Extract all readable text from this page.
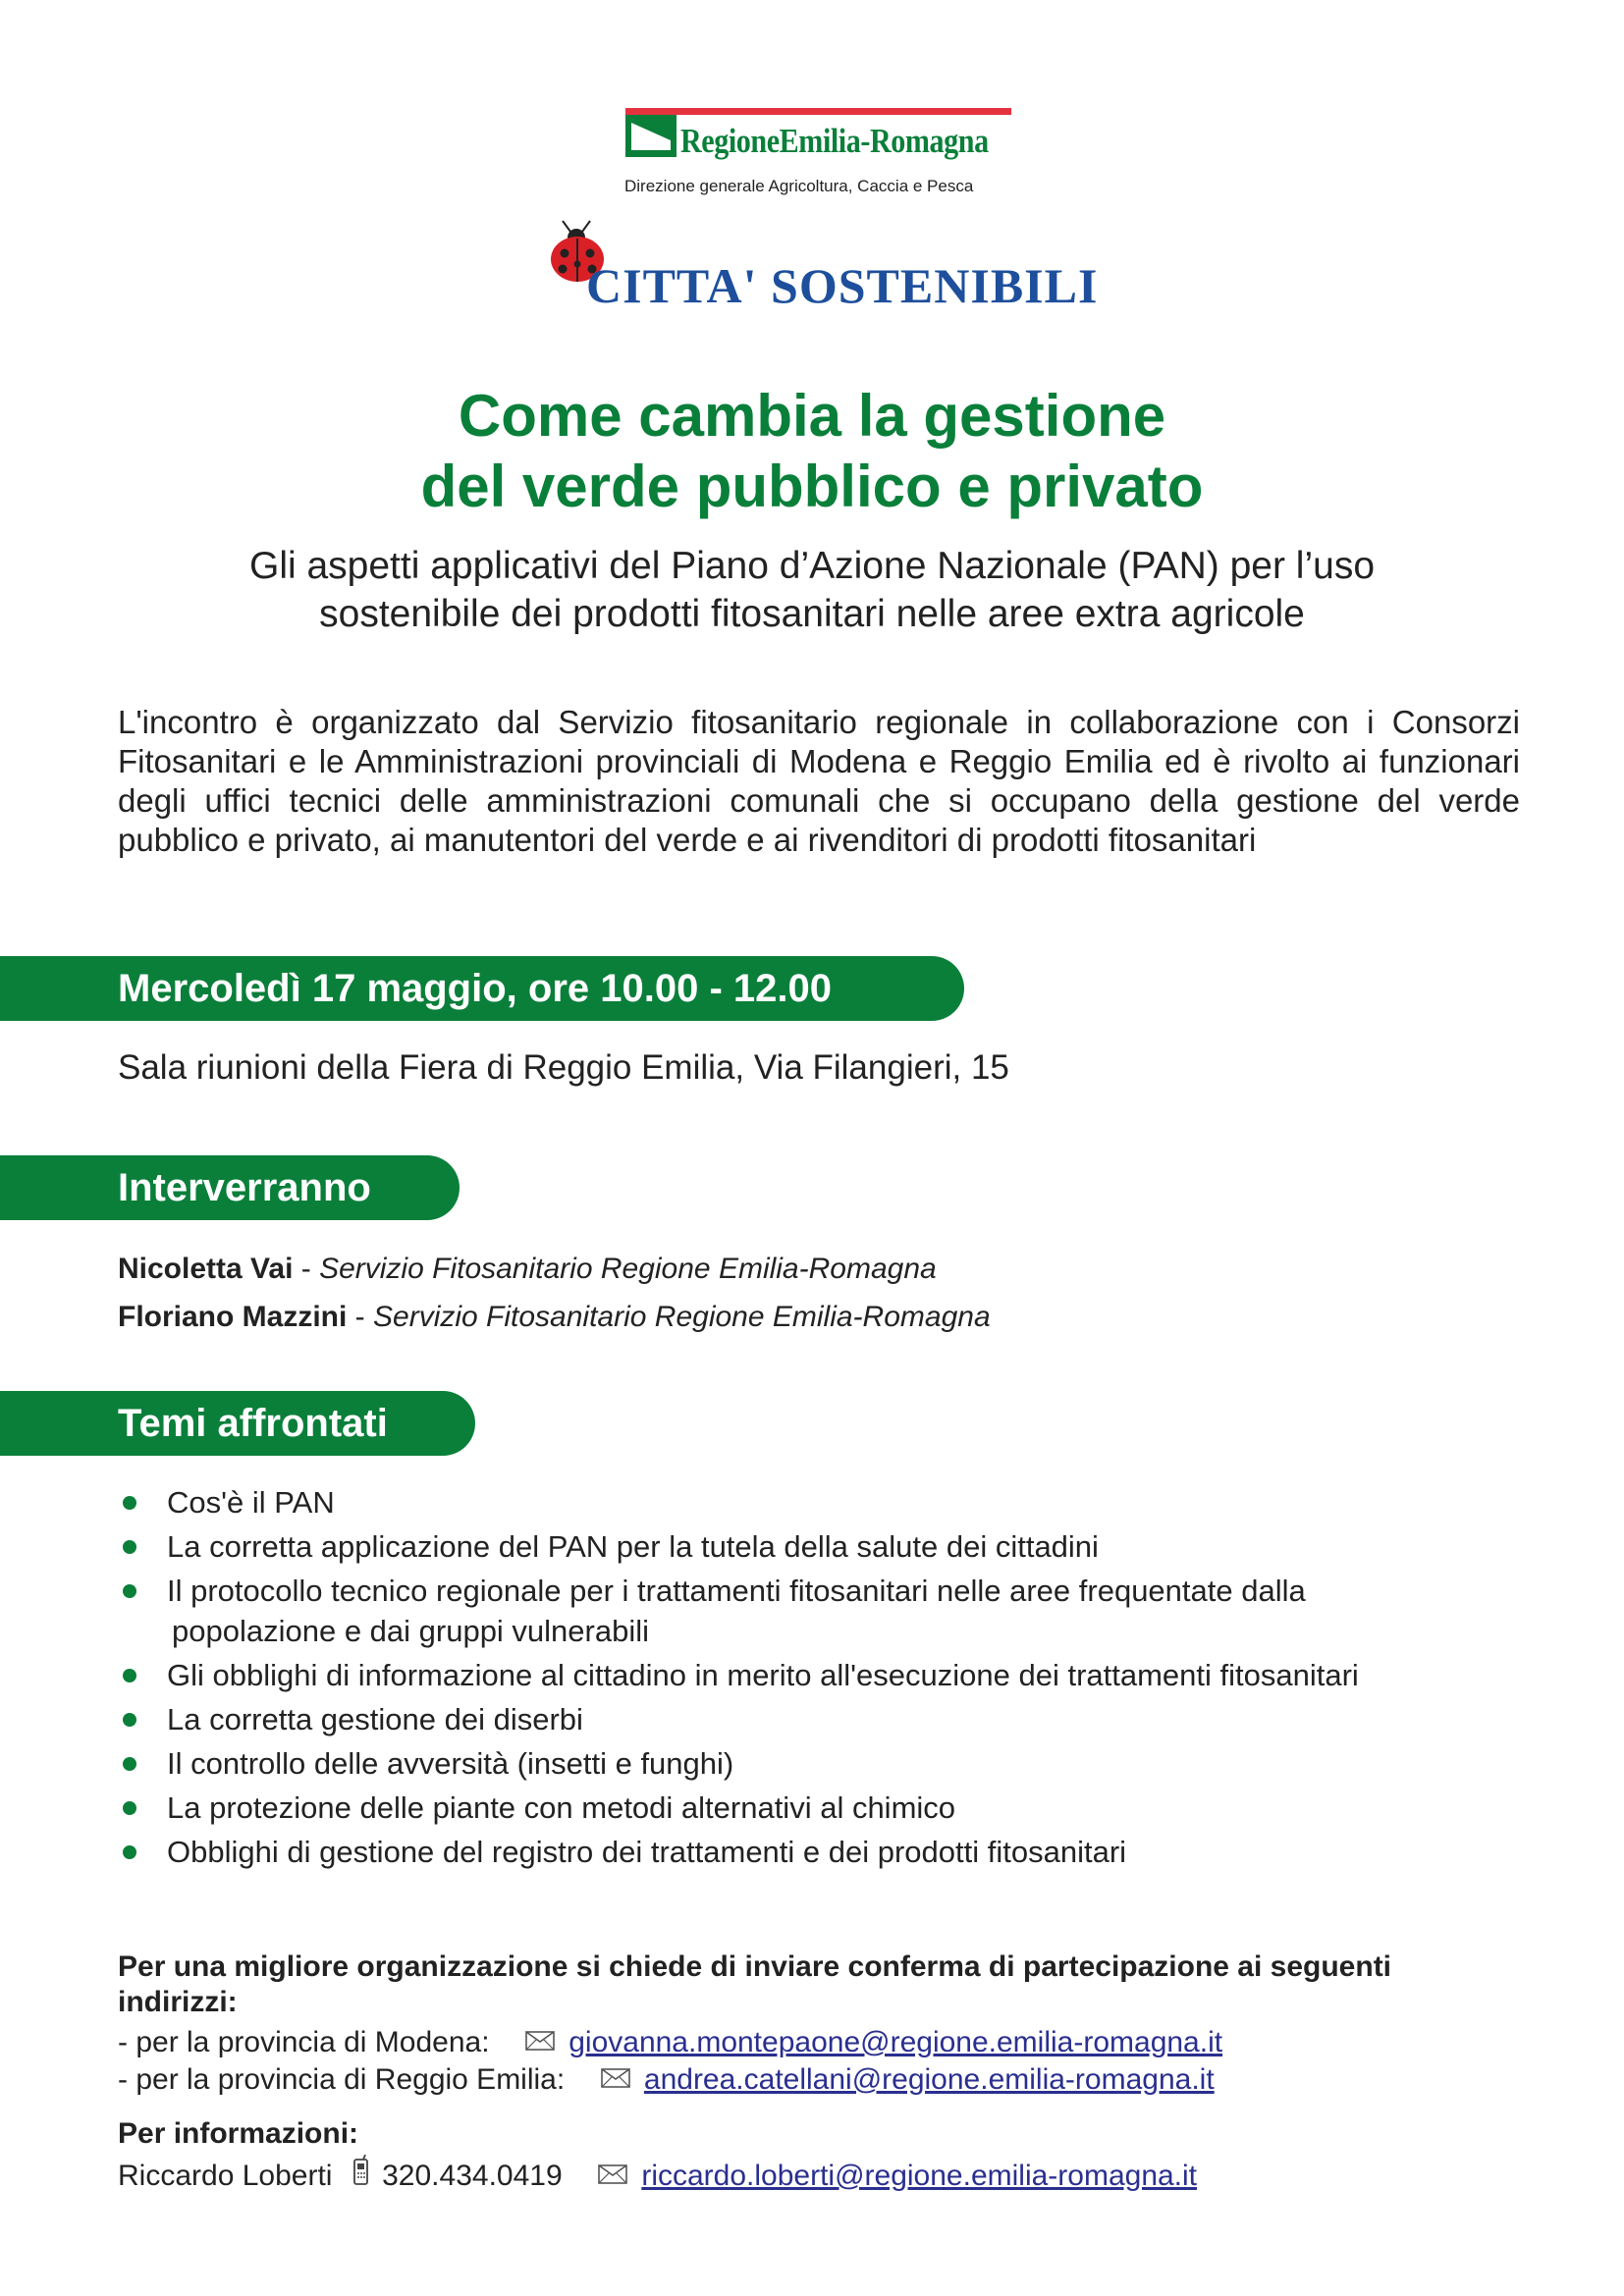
RegioneEmilia-Romagna
Direzione generale Agricoltura, Caccia e Pesca
CITTA' SOSTENIBILI
Come cambia la gestione
del verde pubblico e privato
Gli aspetti applicativi del Piano d’Azione Nazionale (PAN) per l’uso
sostenibile dei prodotti fitosanitari nelle aree extra agricole
L'incontro è organizzato dal Servizio fitosanitario regionale in collaborazione con i Consorzi Fitosanitari e le Amministrazioni provinciali di Modena e Reggio Emilia ed è rivolto ai funzionari degli uffici tecnici delle amministrazioni comunali che si occupano della gestione del verde pubblico e privato, ai manutentori del verde e ai rivenditori di prodotti fitosanitari
Mercoledì 17 maggio, ore 10.00 - 12.00
Sala riunioni della Fiera di Reggio Emilia, Via Filangieri, 15
Interverranno
Nicoletta Vai - Servizio Fitosanitario Regione Emilia-Romagna
Floriano Mazzini - Servizio Fitosanitario Regione Emilia-Romagna
Temi affrontati
Cos'è il PAN
La corretta applicazione del PAN per la tutela della salute dei cittadini
Il protocollo tecnico regionale per i trattamenti fitosanitari nelle aree frequentate dalla
popolazione e dai gruppi vulnerabili
Gli obblighi di informazione al cittadino in merito all'esecuzione dei trattamenti fitosanitari
La corretta gestione dei diserbi
Il controllo delle avversità (insetti e funghi)
La protezione delle piante con metodi alternativi al chimico
Obblighi di gestione del registro dei trattamenti e dei prodotti fitosanitari
Per una migliore organizzazione si chiede di inviare conferma di partecipazione ai seguenti indirizzi:
- per la provincia di Modena:	giovanna.montepaone@regione.emilia-romagna.it
- per la provincia di Reggio Emilia:	andrea.catellani@regione.emilia-romagna.it
Per informazioni:
Riccardo Loberti 320.434.0419	riccardo.loberti@regione.emilia-romagna.it
